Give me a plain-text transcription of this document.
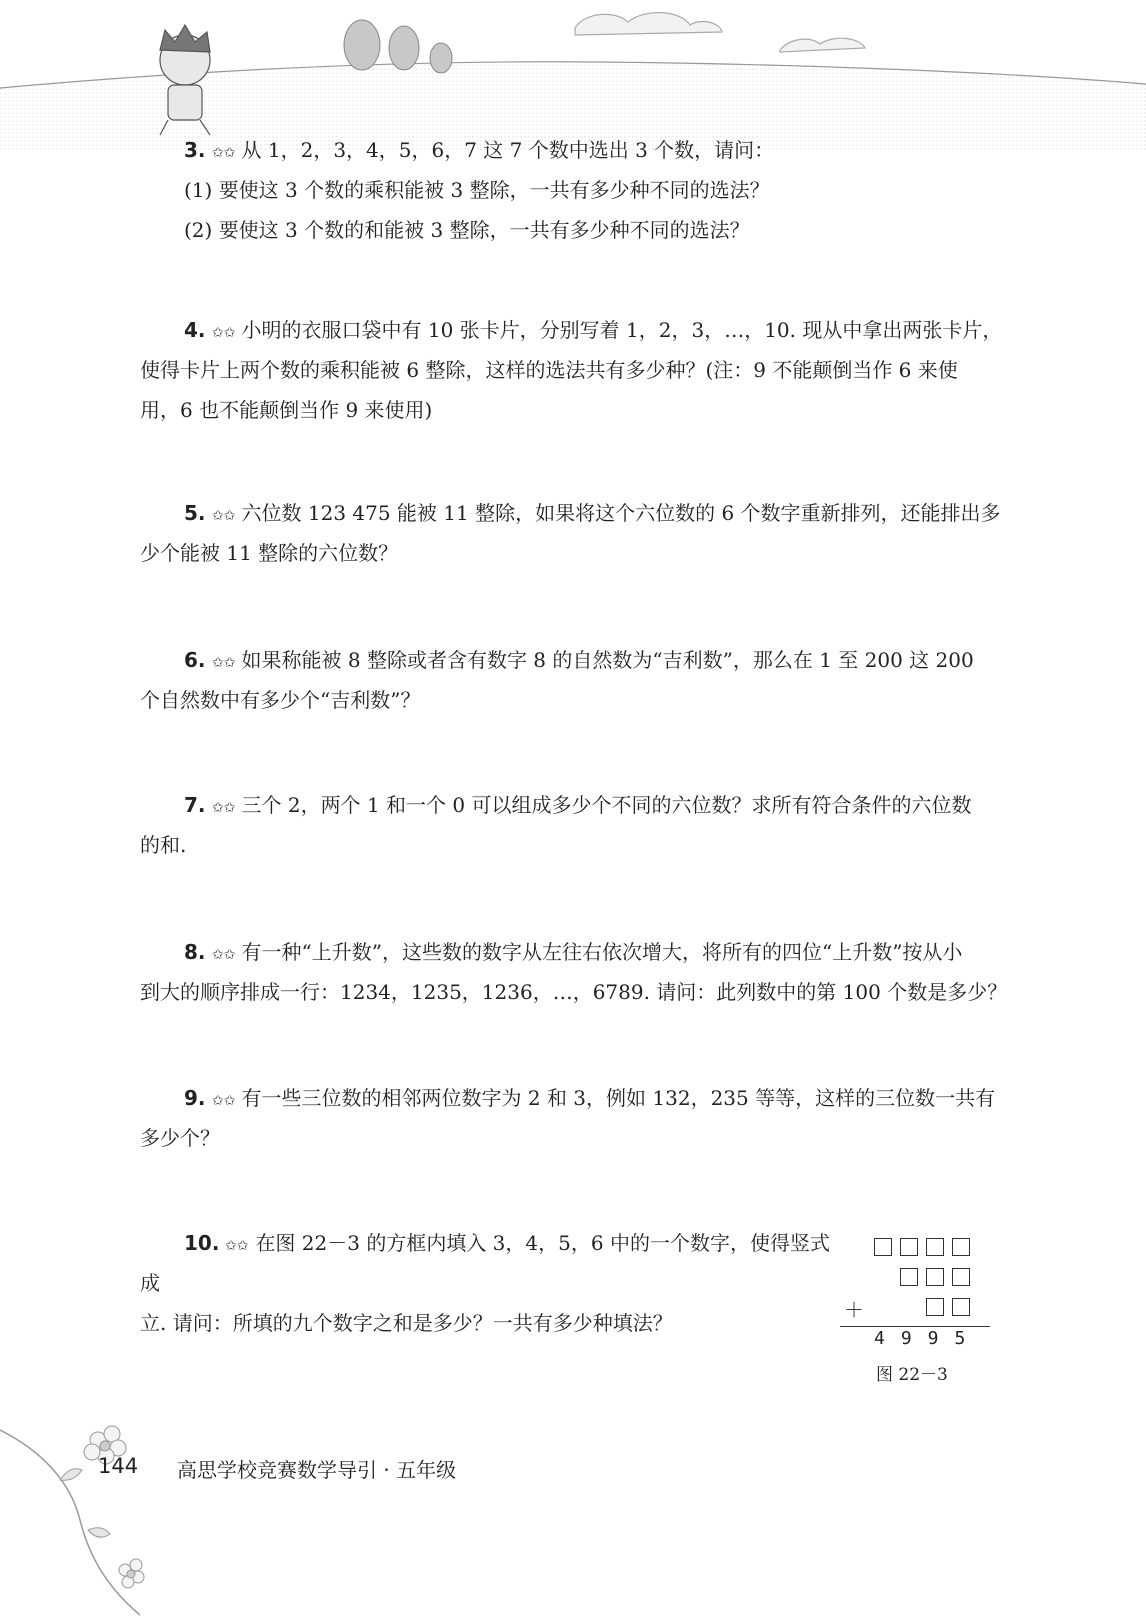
3. ✩✩ 从 1，2，3，4，5，6，7 这 7 个数中选出 3 个数，请问：

(1) 要使这 3 个数的乘积能被 3 整除，一共有多少种不同的选法？

(2) 要使这 3 个数的和能被 3 整除，一共有多少种不同的选法？

4. ✩✩ 小明的衣服口袋中有 10 张卡片，分别写着 1，2，3，…，10. 现从中拿出两张卡片，

使得卡片上两个数的乘积能被 6 整除，这样的选法共有多少种？(注：9 不能颠倒当作 6 来使

用，6 也不能颠倒当作 9 来使用)

5. ✩✩ 六位数 123 475 能被 11 整除，如果将这个六位数的 6 个数字重新排列，还能排出多

少个能被 11 整除的六位数？

6. ✩✩ 如果称能被 8 整除或者含有数字 8 的自然数为“吉利数”，那么在 1 至 200 这 200

个自然数中有多少个“吉利数”？

7. ✩✩ 三个 2，两个 1 和一个 0 可以组成多少个不同的六位数？求所有符合条件的六位数

的和.

8. ✩✩ 有一种“上升数”，这些数的数字从左往右依次增大，将所有的四位“上升数”按从小

到大的顺序排成一行：1234，1235，1236，…，6789. 请问：此列数中的第 100 个数是多少？

9. ✩✩ 有一些三位数的相邻两位数字为 2 和 3，例如 132，235 等等，这样的三位数一共有

多少个？

10. ✩✩ 在图 22－3 的方框内填入 3，4，5，6 中的一个数字，使得竖式成

立. 请问：所填的九个数字之和是多少？一共有多少种填法？

＋
4995
图 22－3
144 高思学校竞赛数学导引 · 五年级
